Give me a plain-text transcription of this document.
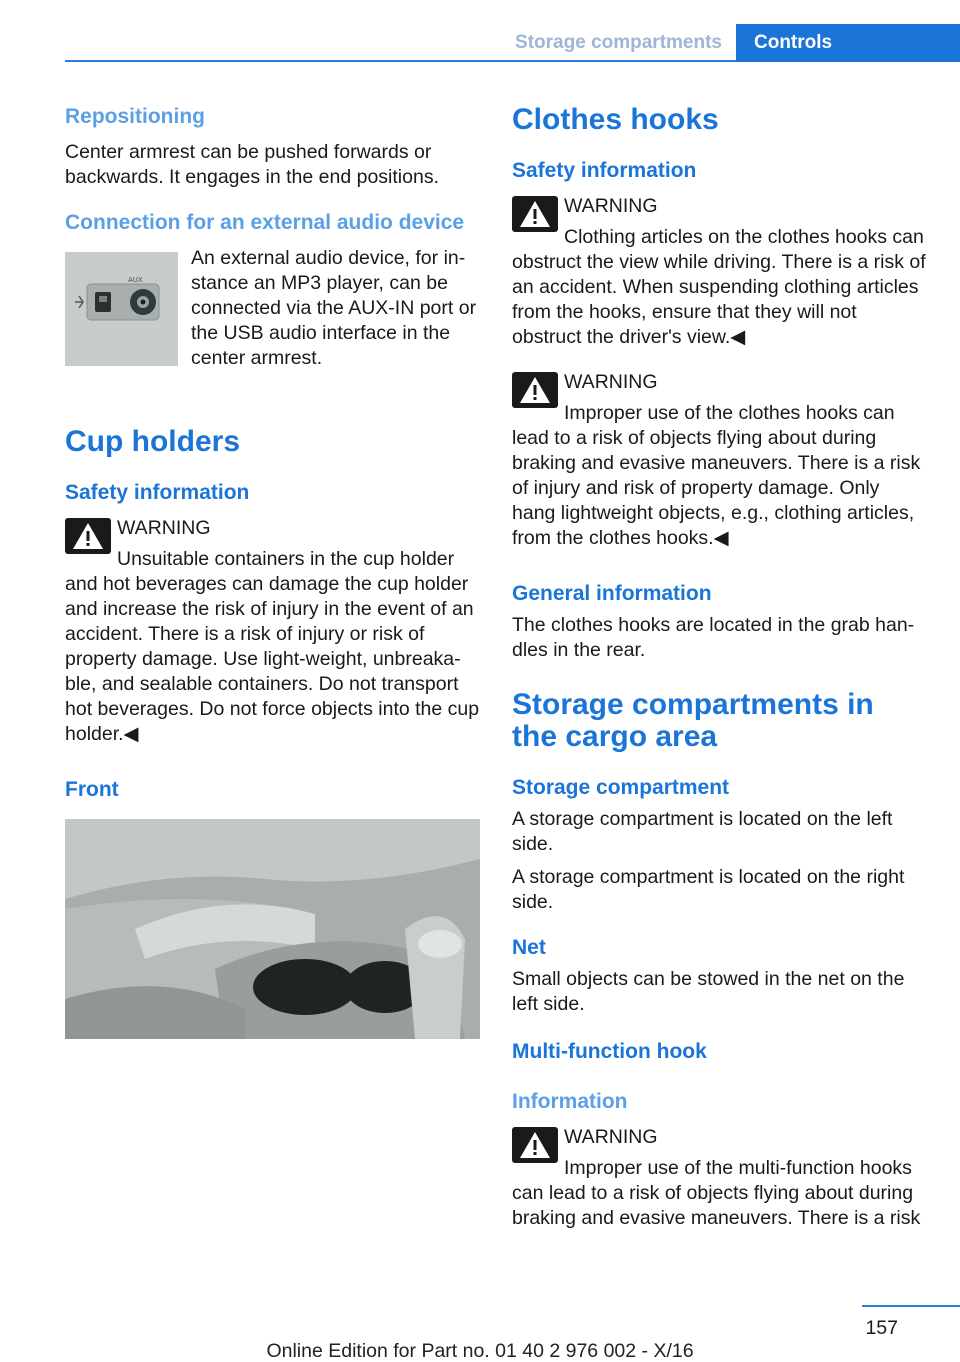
Storage compartments	Controls
Repositioning

Center armrest can be pushed forwards or backwards. It engages in the end positions.

Connection for an external audio device
AUX

An external audio device, for in‐stance an MP3 player, can be connected via the AUX-IN port or the USB audio interface in the center armrest.

Cup holders
Safety information

WARNING

Unsuitable containers in the cup holder and hot beverages can damage the cup holder and increase the risk of injury in the event of an accident. There is a risk of injury or risk of property damage. Use light-weight, unbreaka‐ble, and sealable containers. Do not transport hot beverages. Do not force objects into the cup holder.◀

Front
Clothes hooks
Safety information

WARNING

Clothing articles on the clothes hooks can obstruct the view while driving. There is a risk of an accident. When suspending clothing articles from the hooks, ensure that they will not obstruct the driver's view.◀

WARNING

Improper use of the clothes hooks can lead to a risk of objects flying about during braking and evasive maneuvers. There is a risk of injury and risk of property damage. Only hang lightweight objects, e.g., clothing articles, from the clothes hooks.◀

General information

The clothes hooks are located in the grab han‐dles in the rear.

Storage compartments in the cargo area
Storage compartment

A storage compartment is located on the left side.

A storage compartment is located on the right side.

Net

Small objects can be stowed in the net on the left side.

Multi-function hook
Information

WARNING

Improper use of the multi-function hooks can lead to a risk of objects flying about during braking and evasive maneuvers. There is a risk

157
Online Edition for Part no. 01 40 2 976 002 - X/16
